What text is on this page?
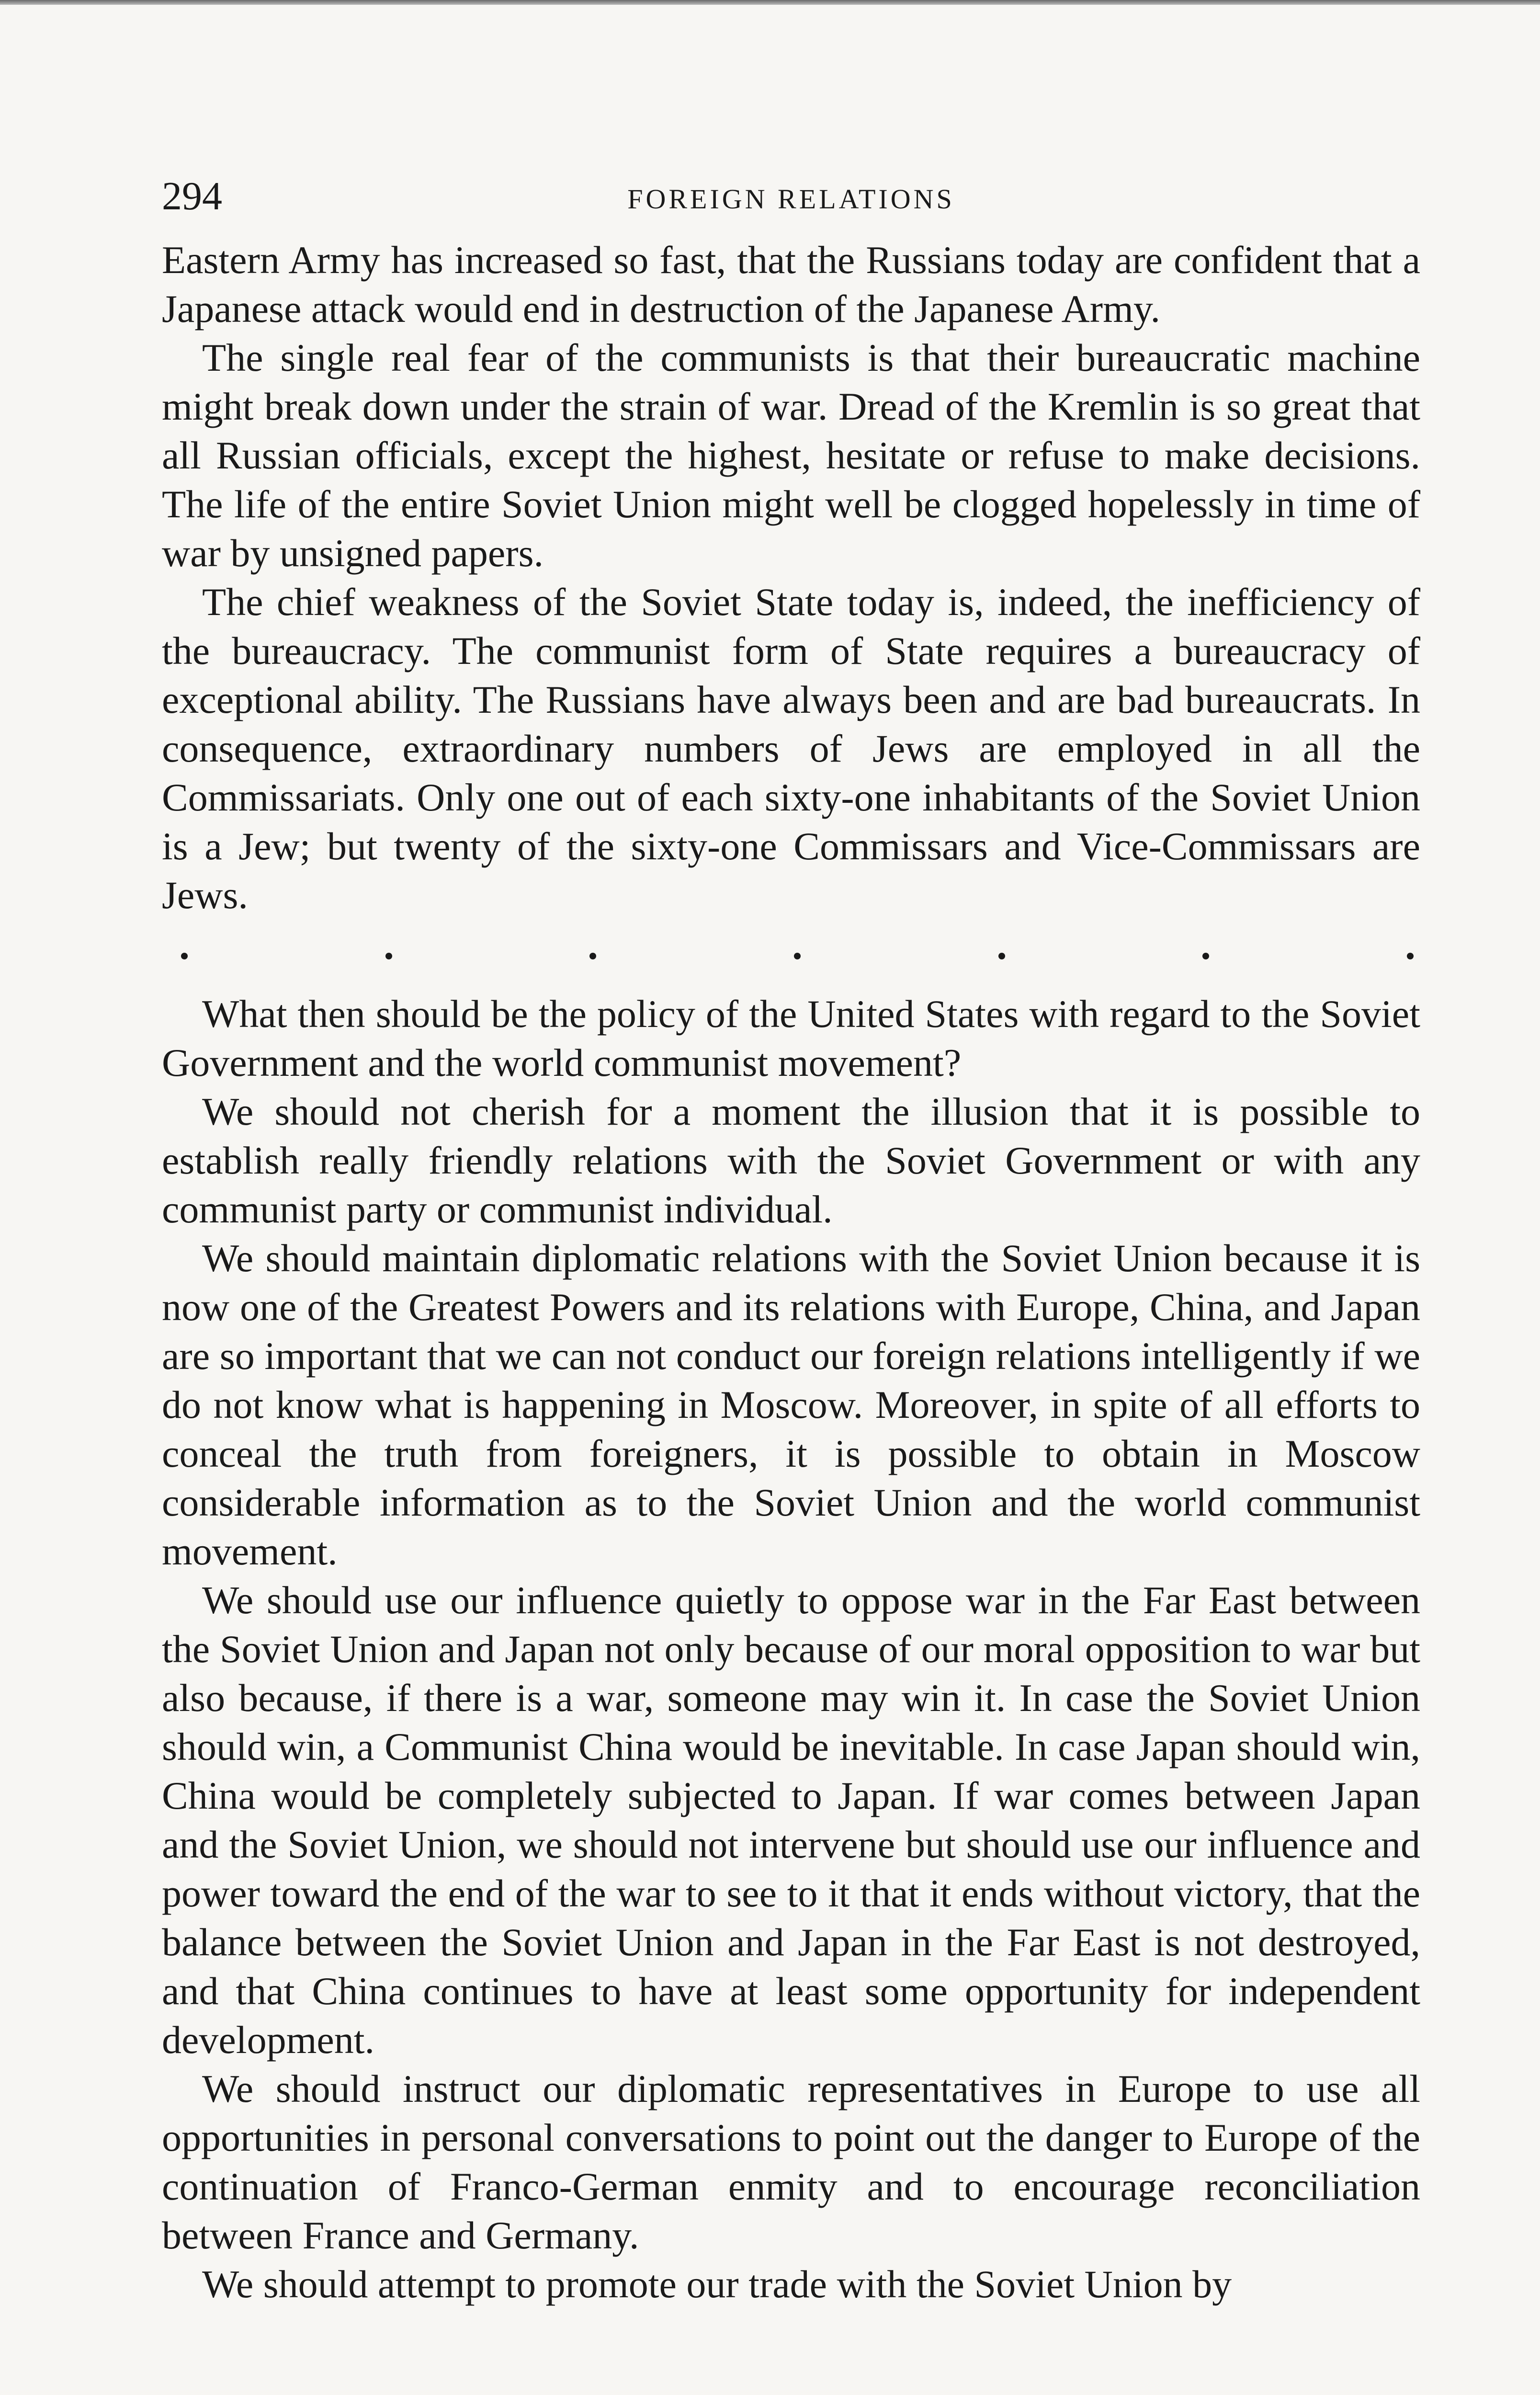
294	FOREIGN RELATIONS

Eastern Army has increased so fast, that the Russians today are confident that a Japanese attack would end in destruction of the Japanese Army.

The single real fear of the communists is that their bureaucratic machine might break down under the strain of war. Dread of the Kremlin is so great that all Russian officials, except the highest, hesitate or refuse to make decisions. The life of the entire Soviet Union might well be clogged hopelessly in time of war by unsigned papers.

The chief weakness of the Soviet State today is, indeed, the inefficiency of the bureaucracy. The communist form of State requires a bureaucracy of exceptional ability. The Russians have always been and are bad bureaucrats. In consequence, extraordinary numbers of Jews are employed in all the Commissariats. Only one out of each sixty-one inhabitants of the Soviet Union is a Jew; but twenty of the sixty-one Commissars and Vice-Commissars are Jews.

What then should be the policy of the United States with regard to the Soviet Government and the world communist movement?

We should not cherish for a moment the illusion that it is possible to establish really friendly relations with the Soviet Government or with any communist party or communist individual.

We should maintain diplomatic relations with the Soviet Union because it is now one of the Greatest Powers and its relations with Europe, China, and Japan are so important that we can not conduct our foreign relations intelligently if we do not know what is happening in Moscow. Moreover, in spite of all efforts to conceal the truth from foreigners, it is possible to obtain in Moscow considerable information as to the Soviet Union and the world communist movement.

We should use our influence quietly to oppose war in the Far East between the Soviet Union and Japan not only because of our moral opposition to war but also because, if there is a war, someone may win it. In case the Soviet Union should win, a Communist China would be inevitable. In case Japan should win, China would be completely subjected to Japan. If war comes between Japan and the Soviet Union, we should not intervene but should use our influence and power toward the end of the war to see to it that it ends without victory, that the balance between the Soviet Union and Japan in the Far East is not destroyed, and that China continues to have at least some opportunity for independent development.

We should instruct our diplomatic representatives in Europe to use all opportunities in personal conversations to point out the danger to Europe of the continuation of Franco-German enmity and to encourage reconciliation between France and Germany.

We should attempt to promote our trade with the Soviet Union by
